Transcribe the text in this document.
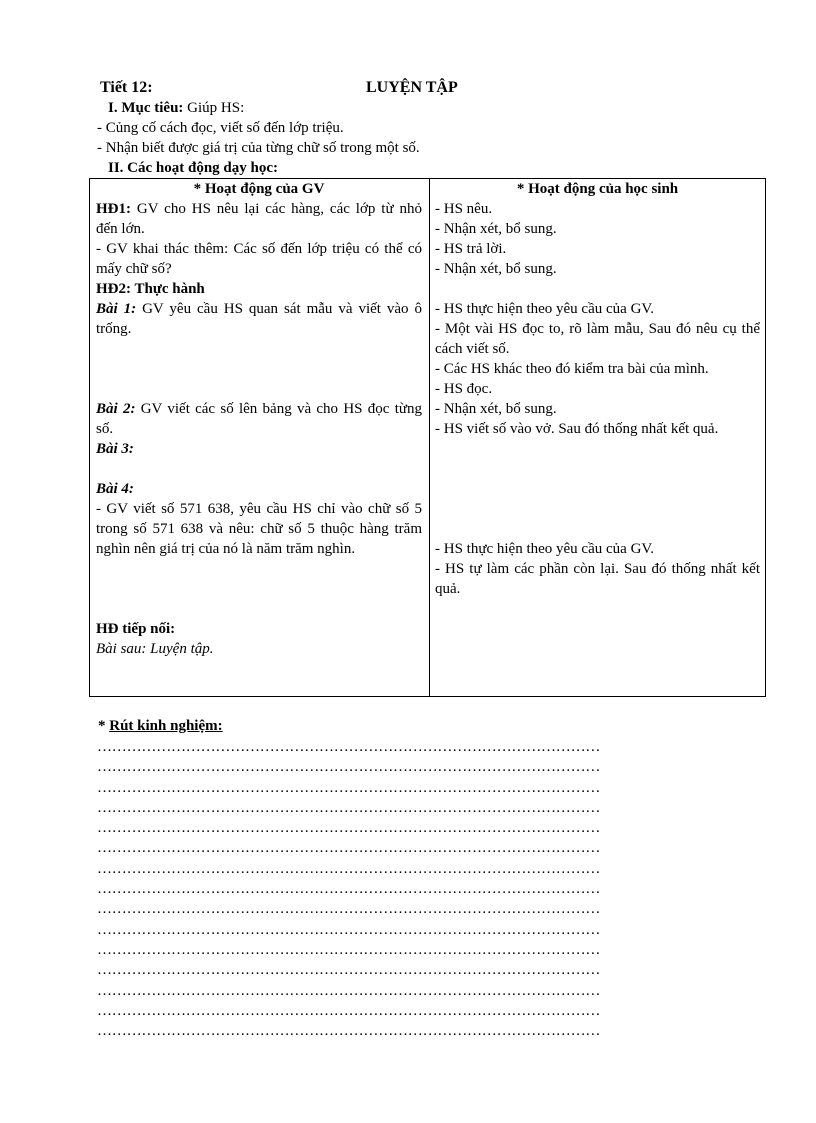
Tiết 12:	LUYỆN TẬP
I. Mục tiêu: Giúp HS:
- Củng cố cách đọc, viết số đến lớp triệu.
- Nhận biết được giá trị của từng chữ số trong một số.
II. Các hoạt động dạy học:
* Hoạt động của GV
HĐ1: GV cho HS nêu lại các hàng, các lớp từ nhỏ đến lớn.
- GV khai thác thêm: Các số đến lớp triệu có thể có mấy chữ số?
HĐ2: Thực hành
Bài 1: GV yêu cầu HS quan sát mẫu và viết vào ô trống.
Bài 2: GV viết các số lên bảng và cho HS đọc từng số.
Bài 3:
Bài 4:
- GV viết số 571 638, yêu cầu HS chỉ vào chữ số 5 trong số 571 638 và nêu: chữ số 5 thuộc hàng trăm nghìn nên giá trị của nó là năm trăm nghìn.
HĐ tiếp nối:
Bài sau: Luyện tập.
* Hoạt động của học sinh
- HS nêu.
- Nhận xét, bổ sung.
- HS trả lời.
- Nhận xét, bổ sung.
- HS thực hiện theo yêu cầu của GV.
- Một vài HS đọc to, rõ làm mẫu, Sau đó nêu cụ thể cách viết số.
- Các HS khác theo đó kiểm tra bài của mình.
- HS đọc.
- Nhận xét, bổ sung.
- HS viết số vào vở. Sau đó thống nhất kết quả.
- HS thực hiện theo yêu cầu của GV.
- HS tự làm các phần còn lại. Sau đó thống nhất kết quả.
* Rút kinh nghiệm:
…………………………………………………………………………………………
…………………………………………………………………………………………
…………………………………………………………………………………………
…………………………………………………………………………………………
…………………………………………………………………………………………
…………………………………………………………………………………………
…………………………………………………………………………………………
…………………………………………………………………………………………
…………………………………………………………………………………………
…………………………………………………………………………………………
…………………………………………………………………………………………
…………………………………………………………………………………………
…………………………………………………………………………………………
…………………………………………………………………………………………
…………………………………………………………………………………………
